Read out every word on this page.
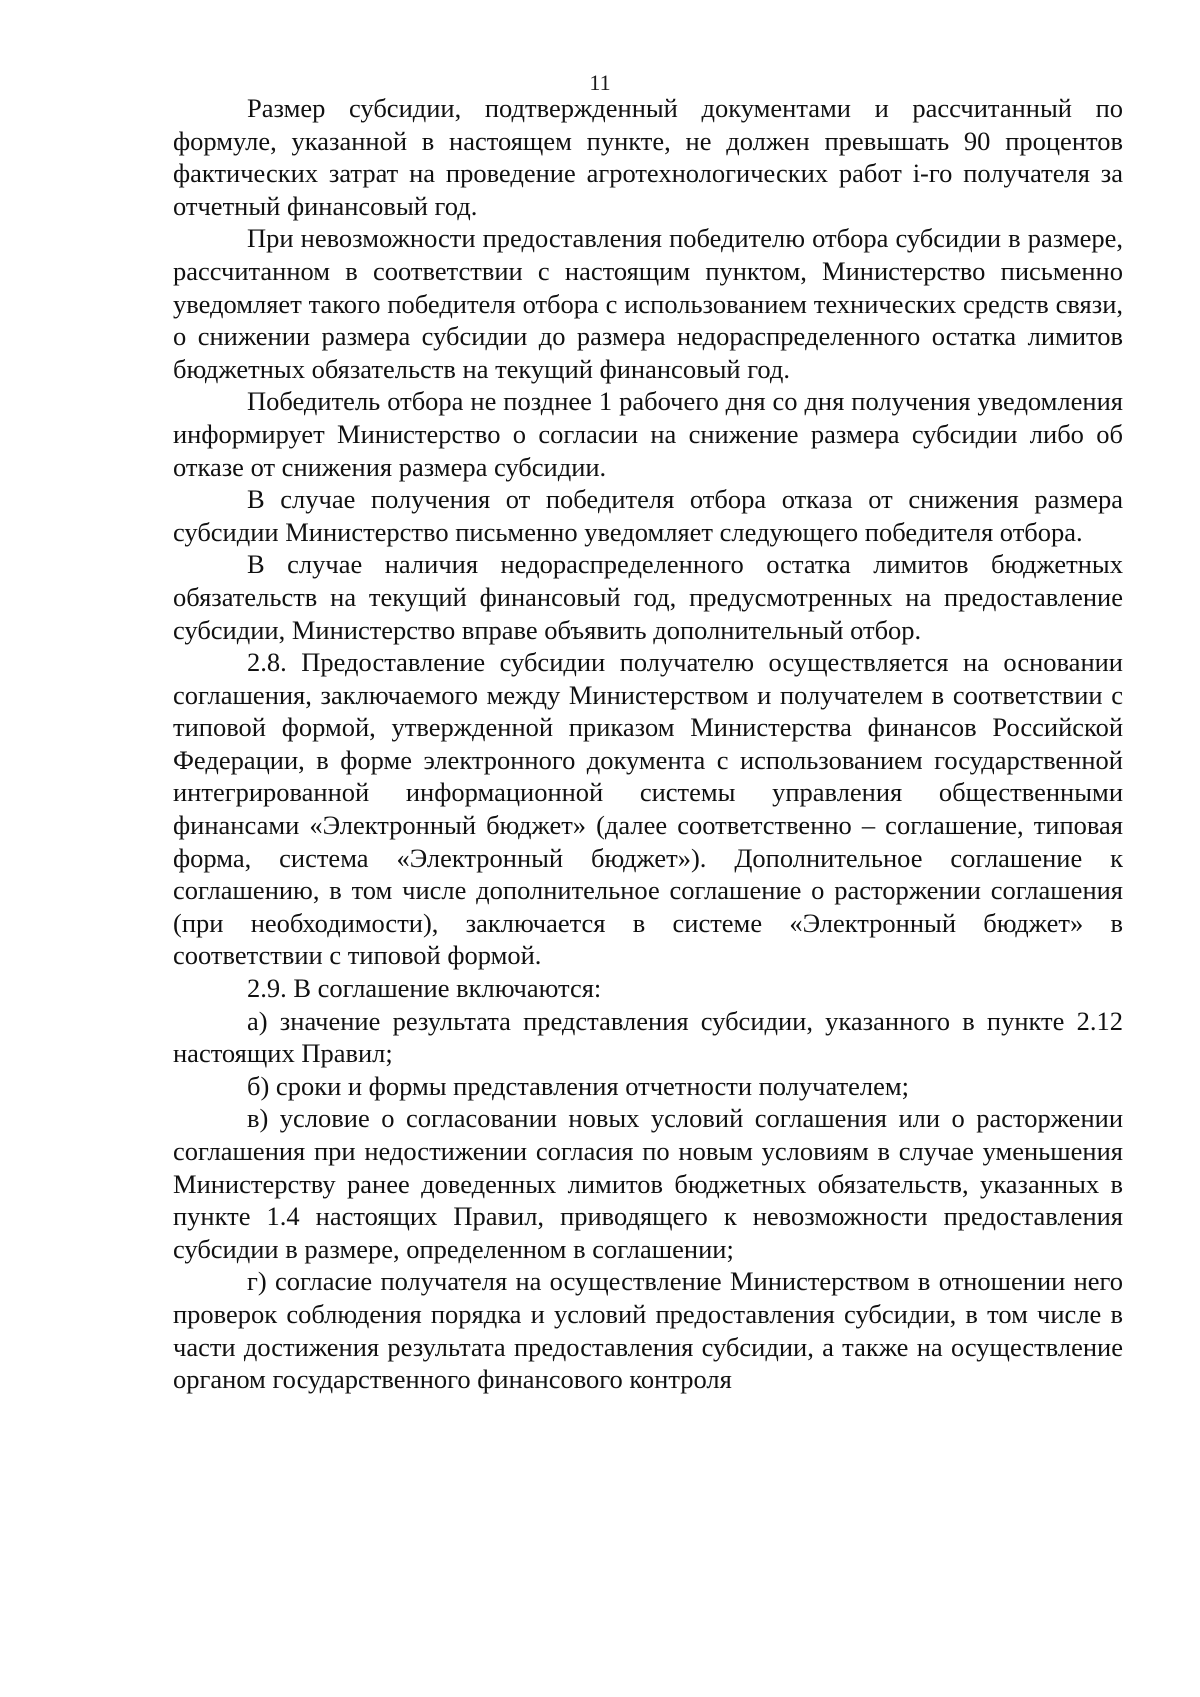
11

Размер субсидии, подтвержденный документами и рассчитанный по формуле, указанной в настоящем пункте, не должен превышать 90 процентов фактических затрат на проведение агротехнологических работ i-го получателя за отчетный финансовый год.

При невозможности предоставления победителю отбора субсидии в размере, рассчитанном в соответствии с настоящим пунктом, Министерство письменно уведомляет такого победителя отбора с использованием технических средств связи, о снижении размера субсидии до размера недораспределенного остатка лимитов бюджетных обязательств на текущий финансовый год.

Победитель отбора не позднее 1 рабочего дня со дня получения уведомления информирует Министерство о согласии на снижение размера субсидии либо об отказе от снижения размера субсидии.

В случае получения от победителя отбора отказа от снижения размера субсидии Министерство письменно уведомляет следующего победителя отбора.

В случае наличия недораспределенного остатка лимитов бюджетных обязательств на текущий финансовый год, предусмотренных на предоставление субсидии, Министерство вправе объявить дополнительный отбор.

2.8. Предоставление субсидии получателю осуществляется на основании соглашения, заключаемого между Министерством и получателем в соответствии с типовой формой, утвержденной приказом Министерства финансов Российской Федерации, в форме электронного документа с использованием государственной интегрированной информационной системы управления общественными финансами «Электронный бюджет» (далее соответственно – соглашение, типовая форма, система «Электронный бюджет»). Дополнительное соглашение к соглашению, в том числе дополнительное соглашение о расторжении соглашения (при необходимости), заключается в системе «Электронный бюджет» в соответствии с типовой формой.

2.9. В соглашение включаются:

а) значение результата представления субсидии, указанного в пункте 2.12 настоящих Правил;

б) сроки и формы представления отчетности получателем;

в) условие о согласовании новых условий соглашения или о расторжении соглашения при недостижении согласия по новым условиям в случае уменьшения Министерству ранее доведенных лимитов бюджетных обязательств, указанных в пункте 1.4 настоящих Правил, приводящего к невозможности предоставления субсидии в размере, определенном в соглашении;

г) согласие получателя на осуществление Министерством в отношении него проверок соблюдения порядка и условий предоставления субсидии, в том числе в части достижения результата предоставления субсидии, а также на осуществление органом государственного финансового контроля
